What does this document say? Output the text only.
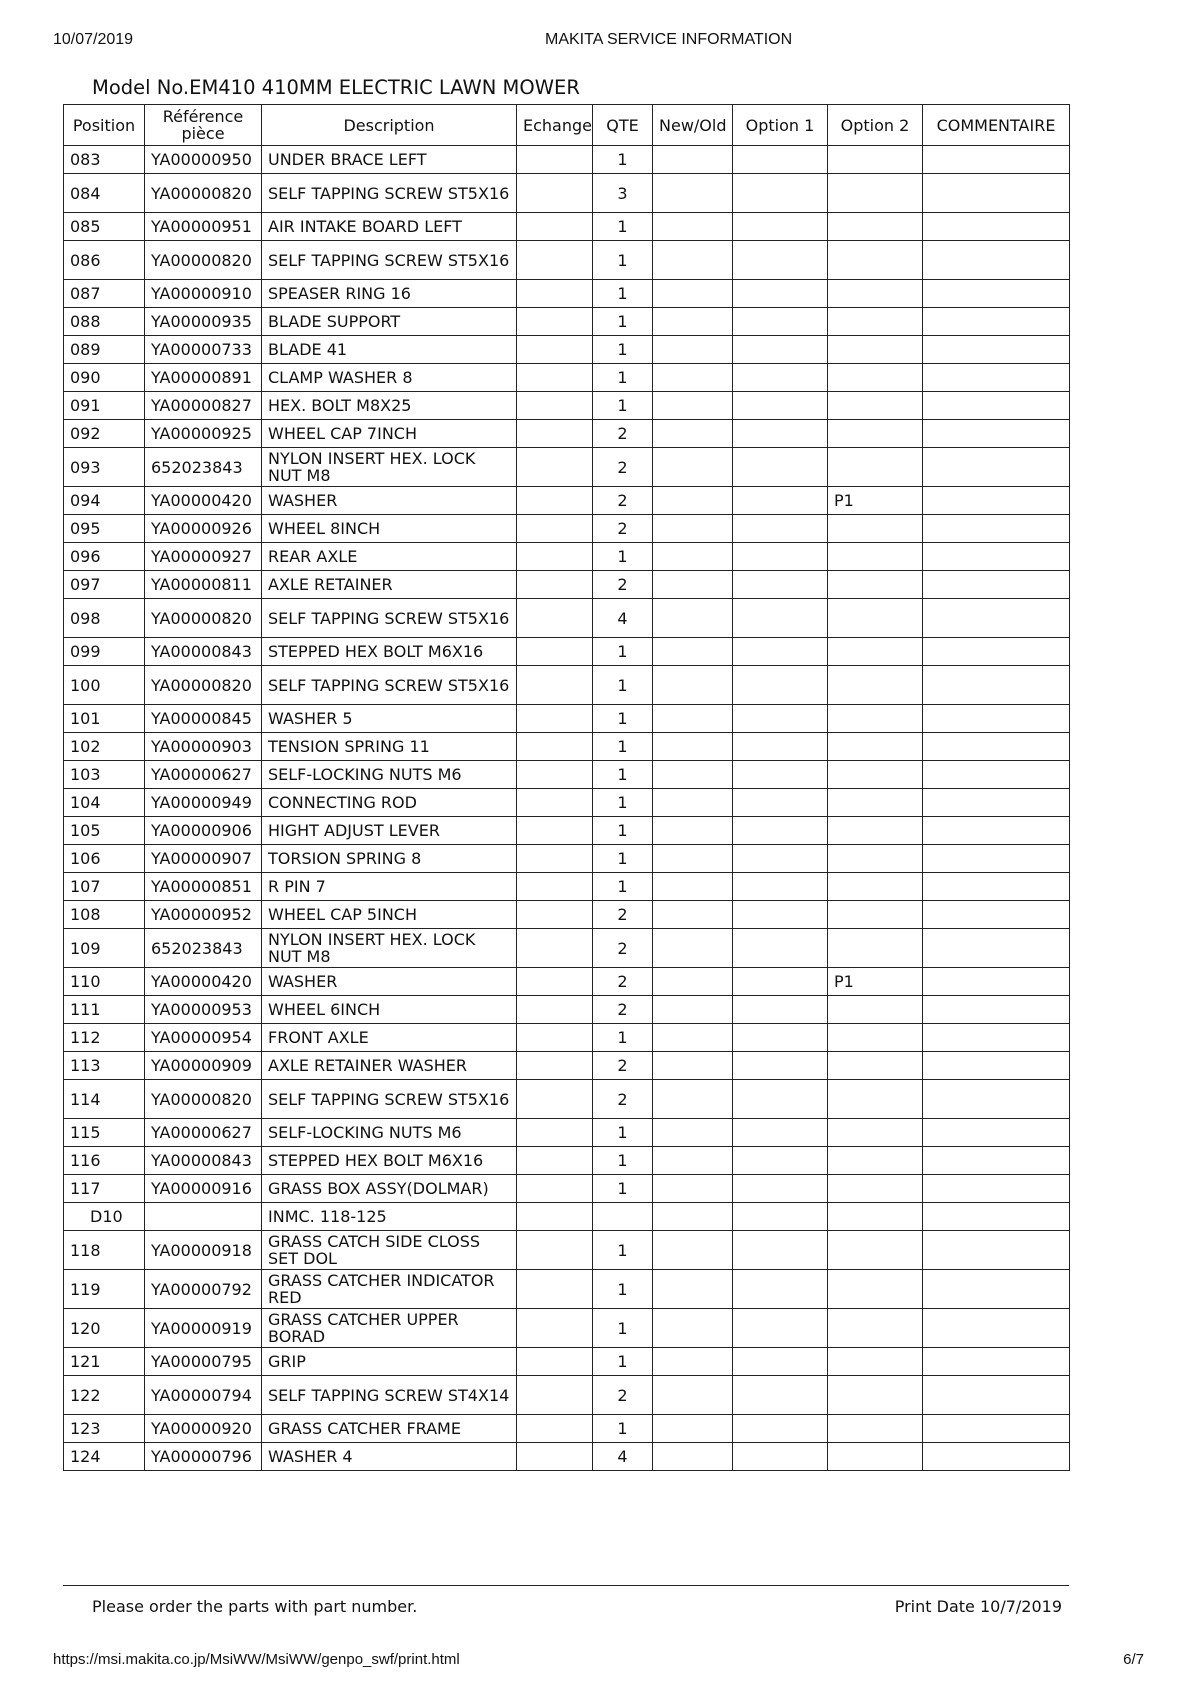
10/07/2019	MAKITA SERVICE INFORMATION
Model No.EM410 410MM ELECTRIC LAWN MOWER
Position	Référence pièce	Description	Echange	QTE	New/Old	Option 1	Option 2	COMMENTAIRE
083	YA00000950	UNDER BRACE LEFT		1				
084	YA00000820	SELF TAPPING SCREW ST5X16		3				
085	YA00000951	AIR INTAKE BOARD LEFT		1				
086	YA00000820	SELF TAPPING SCREW ST5X16		1				
087	YA00000910	SPEASER RING 16		1				
088	YA00000935	BLADE SUPPORT		1				
089	YA00000733	BLADE 41		1				
090	YA00000891	CLAMP WASHER 8		1				
091	YA00000827	HEX. BOLT M8X25		1				
092	YA00000925	WHEEL CAP 7INCH		2				
093	652023843	NYLON INSERT HEX. LOCK NUT M8		2				
094	YA00000420	WASHER		2			P1	
095	YA00000926	WHEEL 8INCH		2				
096	YA00000927	REAR AXLE		1				
097	YA00000811	AXLE RETAINER		2				
098	YA00000820	SELF TAPPING SCREW ST5X16		4				
099	YA00000843	STEPPED HEX BOLT M6X16		1				
100	YA00000820	SELF TAPPING SCREW ST5X16		1				
101	YA00000845	WASHER 5		1				
102	YA00000903	TENSION SPRING 11		1				
103	YA00000627	SELF-LOCKING NUTS M6		1				
104	YA00000949	CONNECTING ROD		1				
105	YA00000906	HIGHT ADJUST LEVER		1				
106	YA00000907	TORSION SPRING 8		1				
107	YA00000851	R PIN 7		1				
108	YA00000952	WHEEL CAP 5INCH		2				
109	652023843	NYLON INSERT HEX. LOCK NUT M8		2				
110	YA00000420	WASHER		2			P1	
111	YA00000953	WHEEL 6INCH		2				
112	YA00000954	FRONT AXLE		1				
113	YA00000909	AXLE RETAINER WASHER		2				
114	YA00000820	SELF TAPPING SCREW ST5X16		2				
115	YA00000627	SELF-LOCKING NUTS M6		1				
116	YA00000843	STEPPED HEX BOLT M6X16		1				
117	YA00000916	GRASS BOX ASSY(DOLMAR)		1				
D10		INMC. 118-125						
118	YA00000918	GRASS CATCH SIDE CLOSS SET DOL		1				
119	YA00000792	GRASS CATCHER INDICATOR RED		1				
120	YA00000919	GRASS CATCHER UPPER BORAD		1				
121	YA00000795	GRIP		1				
122	YA00000794	SELF TAPPING SCREW ST4X14		2				
123	YA00000920	GRASS CATCHER FRAME		1				
124	YA00000796	WASHER 4		4				
Please order the parts with part number.	Print Date 10/7/2019
https://msi.makita.co.jp/MsiWW/MsiWW/genpo_swf/print.html	6/7
